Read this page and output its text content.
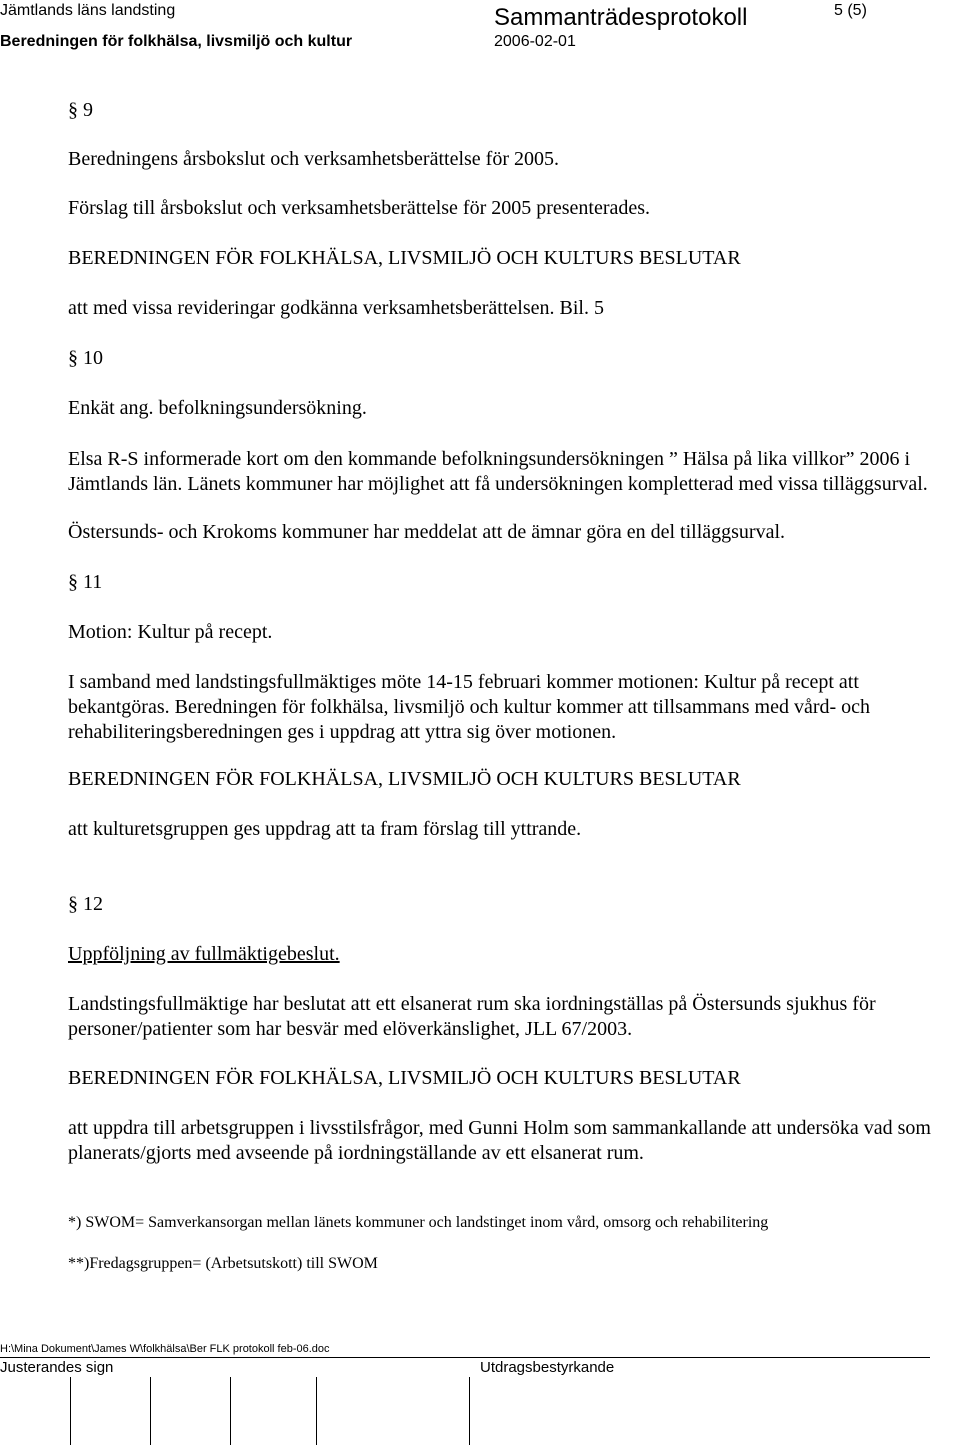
Jämtlands läns landsting	Sammanträdesprotokoll	5 (5)
Beredningen för folkhälsa, livsmiljö och kultur	2006-02-01
§ 9
Beredningens årsbokslut och verksamhetsberättelse för 2005.
Förslag till årsbokslut och verksamhetsberättelse för 2005 presenterades.
BEREDNINGEN FÖR FOLKHÄLSA, LIVSMILJÖ OCH KULTURS BESLUTAR
att med vissa revideringar godkänna verksamhetsberättelsen. Bil. 5
§ 10
Enkät ang. befolkningsundersökning.
Elsa R-S informerade kort om den kommande befolkningsundersökningen ” Hälsa på lika villkor” 2006 i Jämtlands län. Länets kommuner har möjlighet att få undersökningen kompletterad med vissa tilläggsurval.
Östersunds- och Krokoms kommuner har meddelat att de ämnar göra en del tilläggsurval.
§ 11
Motion: Kultur på recept.
I samband med landstingsfullmäktiges möte 14-15 februari kommer motionen: Kultur på recept att bekantgöras. Beredningen för folkhälsa, livsmiljö och kultur kommer att tillsammans med vård- och rehabiliteringsberedningen ges i uppdrag att yttra sig över motionen.
BEREDNINGEN FÖR FOLKHÄLSA, LIVSMILJÖ OCH KULTURS BESLUTAR
att kulturetsgruppen ges uppdrag att ta fram förslag till yttrande.
§ 12
Uppföljning av fullmäktigebeslut.
Landstingsfullmäktige har beslutat att ett elsanerat rum ska iordningställas på Östersunds sjukhus för personer/patienter som har besvär med elöverkänslighet, JLL 67/2003.
BEREDNINGEN FÖR FOLKHÄLSA, LIVSMILJÖ OCH KULTURS BESLUTAR
att uppdra till arbetsgruppen i livsstilsfrågor, med Gunni Holm som sammankallande att undersöka vad som planerats/gjorts med avseende på iordningställande av ett elsanerat rum.
*) SWOM= Samverkansorgan mellan länets kommuner och landstinget inom vård, omsorg och rehabilitering
**)Fredagsgruppen= (Arbetsutskott) till SWOM
H:\Mina Dokument\James W\folkhälsa\Ber FLK protokoll feb-06.doc
Justerandes sign	Utdragsbestyrkande
